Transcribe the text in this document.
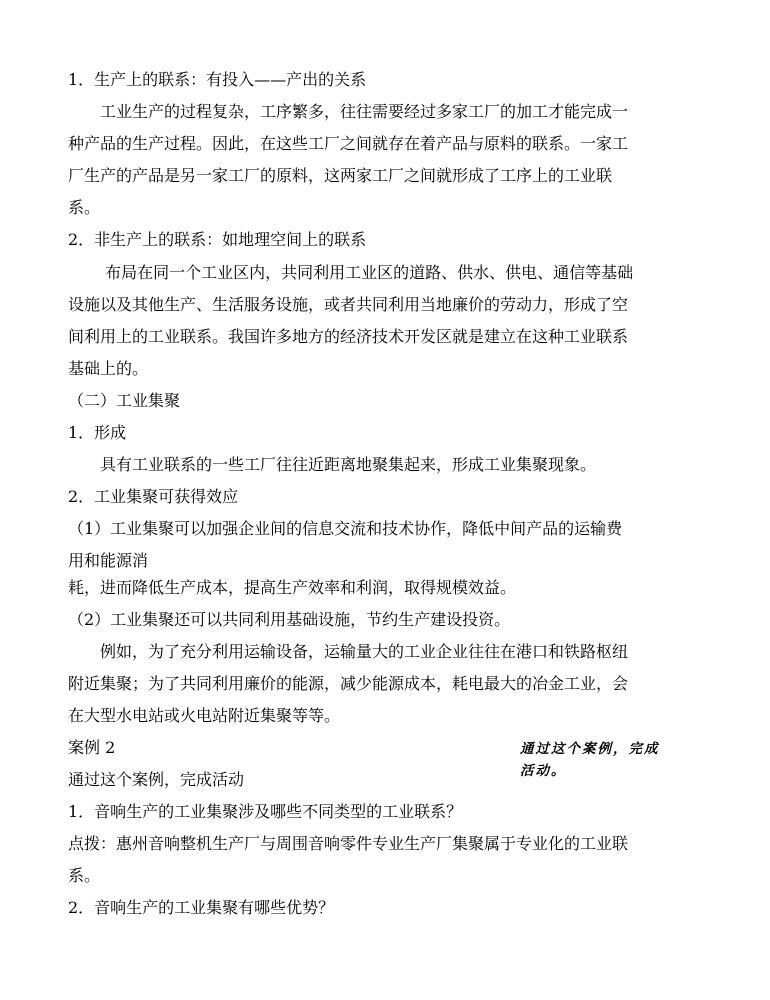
1．生产上的联系：有投入——产出的关系
　　工业生产的过程复杂，工序繁多，往往需要经过多家工厂的加工才能完成一
种产品的生产过程。因此，在这些工厂之间就存在着产品与原料的联系。一家工
厂生产的产品是另一家工厂的原料，这两家工厂之间就形成了工序上的工业联
系。
2．非生产上的联系：如地理空间上的联系
　　 布局在同一个工业区内，共同利用工业区的道路、供水、供电、通信等基础
设施以及其他生产、生活服务设施，或者共同利用当地廉价的劳动力，形成了空
间利用上的工业联系。我国许多地方的经济技术开发区就是建立在这种工业联系
基础上的。
（二）工业集聚
1．形成
　　具有工业联系的一些工厂往往近距离地聚集起来，形成工业集聚现象。
2．工业集聚可获得效应
（1）工业集聚可以加强企业间的信息交流和技术协作，降低中间产品的运输费
用和能源消
耗，进而降低生产成本，提高生产效率和利润，取得规模效益。
（2）工业集聚还可以共同利用基础设施，节约生产建设投资。
　　例如，为了充分利用运输设备，运输量大的工业企业往往在港口和铁路枢纽
附近集聚；为了共同利用廉价的能源，减少能源成本，耗电最大的冶金工业，会
在大型水电站或火电站附近集聚等等。
案例 2
通过这个案例，完成活动
1．音响生产的工业集聚涉及哪些不同类型的工业联系？
点拨：惠州音响整机生产厂与周围音响零件专业生产厂集聚属于专业化的工业联
系。
2．音响生产的工业集聚有哪些优势？
通过这个案例，完成
活动。
